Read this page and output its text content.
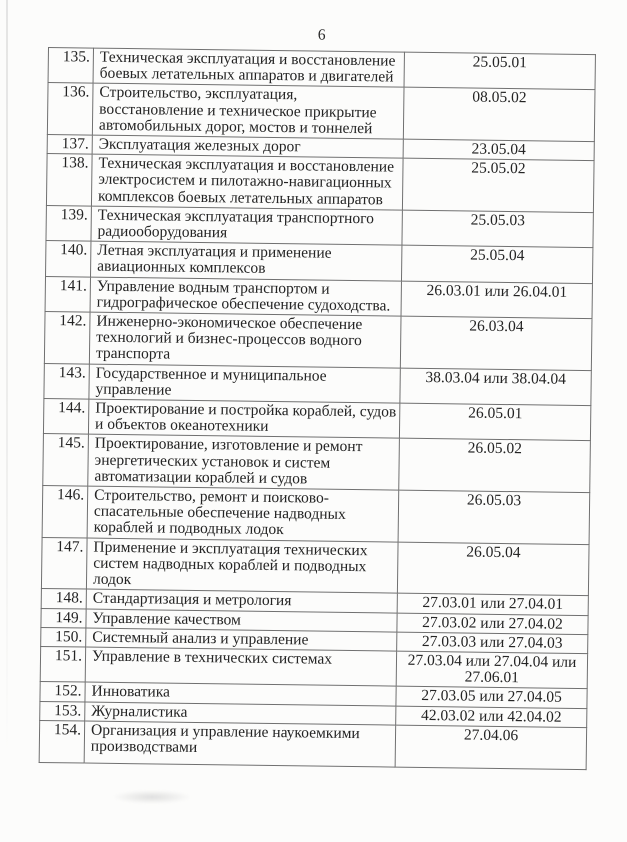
6
135.	Техническая эксплуатация и восстановление боевых летательных аппаратов и двигателей	25.05.01
136.	Строительство, эксплуатация, восстановление и техническое прикрытие автомобильных дорог, мостов и тоннелей	08.05.02
137.	Эксплуатация железных дорог	23.05.04
138.	Техническая эксплуатация и восстановление электросистем и пилотажно-навигационных комплексов боевых летательных аппаратов	25.05.02
139.	Техническая эксплуатация транспортного радиооборудования	25.05.03
140.	Летная эксплуатация и применение авиационных комплексов	25.05.04
141.	Управление водным транспортом и гидрографическое обеспечение судоходства.	26.03.01 или 26.04.01
142.	Инженерно-экономическое обеспечение технологий и бизнес-процессов водного транспорта	26.03.04
143.	Государственное и муниципальное управление	38.03.04 или 38.04.04
144.	Проектирование и постройка кораблей, судов и объектов океанотехники	26.05.01
145.	Проектирование, изготовление и ремонт энергетических установок и систем автоматизации кораблей и судов	26.05.02
146.	Строительство, ремонт и поисково-спасательные обеспечение надводных кораблей и подводных лодок	26.05.03
147.	Применение и эксплуатация технических систем надводных кораблей и подводных лодок	26.05.04
148.	Стандартизация и метрология	27.03.01 или 27.04.01
149.	Управление качеством	27.03.02 или 27.04.02
150.	Системный анализ и управление	27.03.03 или 27.04.03
151.	Управление в технических системах	27.03.04 или 27.04.04 или 27.06.01
152.	Инноватика	27.03.05 или 27.04.05
153.	Журналистика	42.03.02 или 42.04.02
154.	Организация и управление наукоемкими производствами	27.04.06
